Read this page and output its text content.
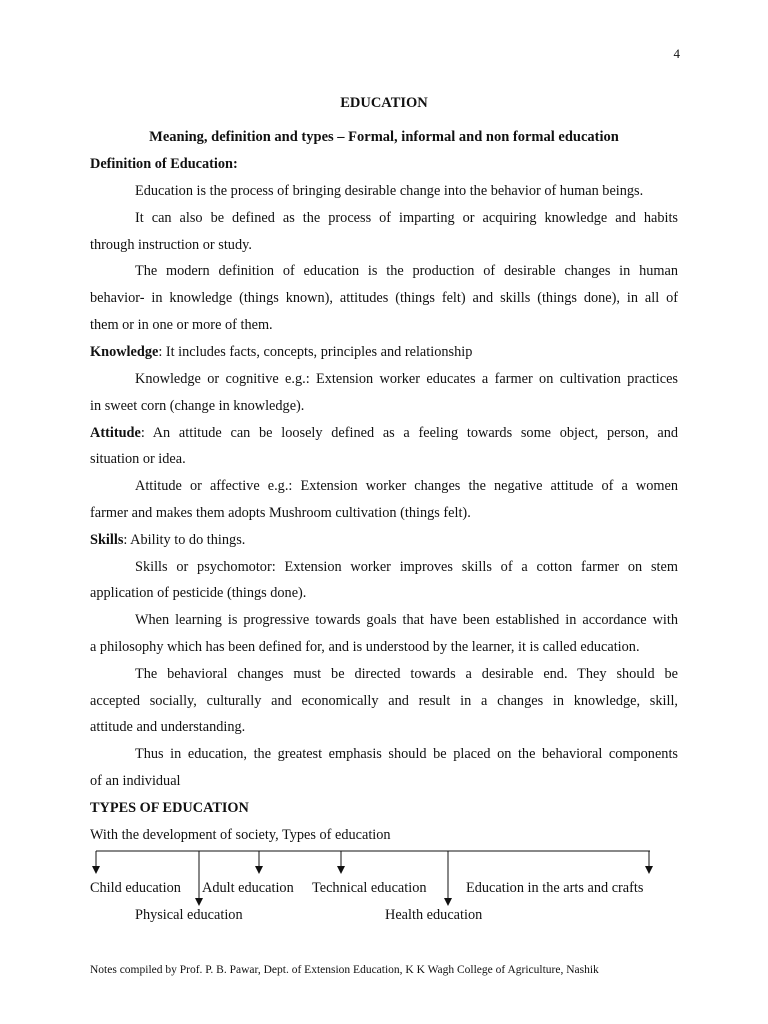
4
EDUCATION
Meaning, definition and types – Formal, informal and non formal education
Definition of Education:
Education is the process of bringing desirable change into the behavior of human beings.
It can also be defined as the process of imparting or acquiring knowledge and habits
through instruction or study.
The modern definition of education is the production of desirable changes in human
behavior- in knowledge (things known), attitudes (things felt) and skills (things done), in all of
them or in one or more of them.
Knowledge: It includes facts, concepts, principles and relationship
Knowledge or cognitive e.g.: Extension worker educates a farmer on cultivation practices
in sweet corn (change in knowledge).
Attitude: An attitude can be loosely defined as a feeling towards some object, person, and
situation or idea.
Attitude or affective e.g.: Extension worker changes the negative attitude of a women
farmer and makes them adopts Mushroom cultivation (things felt).
Skills: Ability to do things.
Skills or psychomotor: Extension worker improves skills of a cotton farmer on stem
application of pesticide (things done).
When learning is progressive towards goals that have been established in accordance with
a philosophy which has been defined for, and is understood by the learner, it is called education.
The behavioral changes must be directed towards a desirable end. They should be
accepted socially, culturally and economically and result in a changes in knowledge, skill,
attitude and understanding.
Thus in education, the greatest emphasis should be placed on the behavioral components
of an individual
TYPES OF EDUCATION
With the development of society, Types of education
Child education Adult education Technical education	Education in the arts and crafts
Physical education	Health education
Notes compiled by Prof. P. B. Pawar, Dept. of Extension Education, K K Wagh College of Agriculture, Nashik
